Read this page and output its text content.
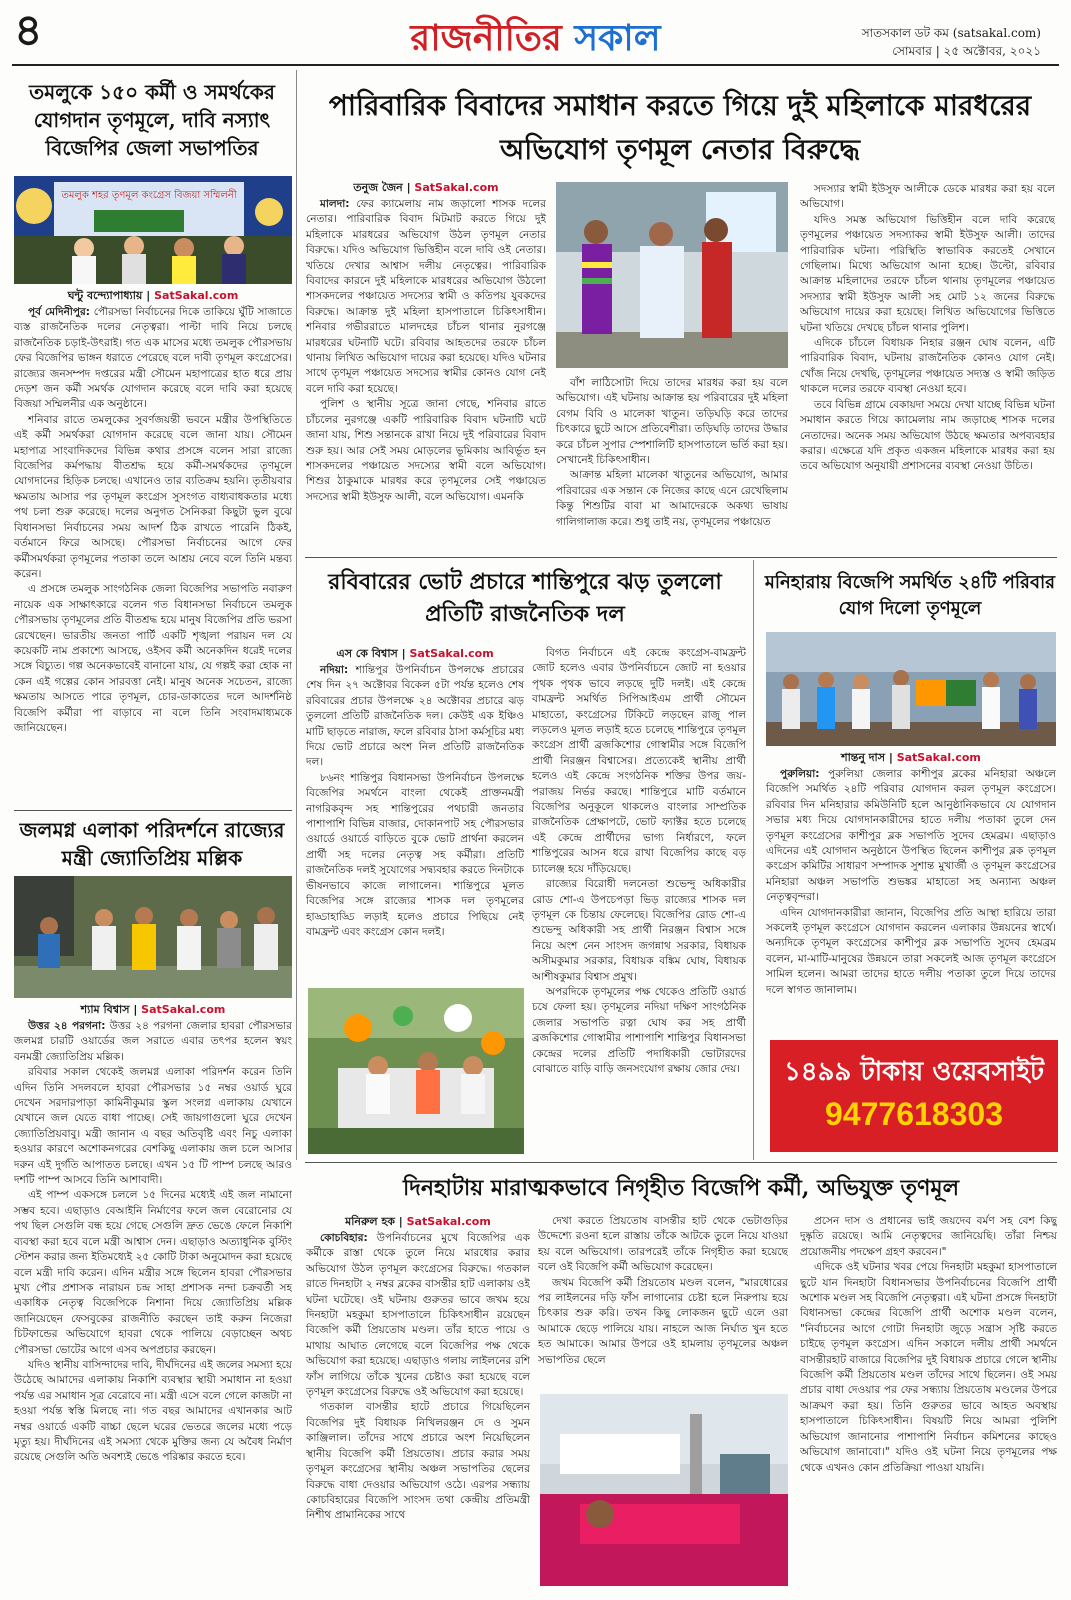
৪	রাজনীতির সকাল	সাতসকাল ডট কম (satsakal.com)
সোমবার | ২৫ অক্টোবর, ২০২১
তমলুকে ১৫০ কর্মী ও সমর্থকের যোগদান তৃণমূলে, দাবি নস্যাৎ বিজেপির জেলা সভাপতির
তমলুক শহর তৃণমূল কংগ্রেস বিজয়া সম্মিলনী
ঘন্টু বন্দ্যোপাধ্যায় | SatSakal.com

পূর্ব মেদিনীপুর: পৌরসভা নির্বাচনের দিকে তাকিয়ে ঘুঁটি সাজাতে ব্যস্ত রাজনৈতিক দলের নেতৃত্বরা। পাল্টা দাবি নিয়ে চলছে রাজনৈতিক চড়াই-উৎরাই। গত এক মাসের মধ্যে তমলুক পৌরসভায় ফের বিজেপির ভাঙ্গন ধরাতে পেরেছে বলে দাবী তৃণমূল কংগ্রেসের। রাজ্যের জনসম্পদ দপ্তরের মন্ত্রী সৌমেন মহাপাত্রের হাত ধরে প্রায় দেড়শ জন কর্মী সমর্থক যোগদান করেছে বলে দাবি করা হয়েছে বিজয়া সম্মিলনীর এক অনুষ্ঠানে।

শনিবার রাতে তমলুকের সুবর্ণজয়ন্তী ভবনে মন্ত্রীর উপস্থিতিতে এই কর্মী সমর্থকরা যোগদান করেছে বলে জানা যায়। সৌমেন মহাপাত্র সাংবাদিকদের বিভিন্ন কথার প্রসঙ্গে বলেন সারা রাজ্যে বিজেপির কর্মপদ্ধায় বীতশ্রদ্ধ হয়ে কর্মী-সমর্থকদের তৃণমূলে যোগদানের হিড়িক চলছে। এখানেও তার ব্যতিক্রম হয়নি। তৃতীয়বার ক্ষমতায় আসার পর তৃণমূল কংগ্রেস সুসংগত বাধ্যবাধকতার মধ্যে পথ চলা শুরু করেছে। দলের অনুগত সৈনিকরা কিছুটা ভুল বুঝে বিধানসভা নির্বাচনের সময় আদর্শ ঠিক রাখতে পারেনি ঠিকই, বর্তমানে ফিরে আসছে। পৌরসভা নির্বাচনের আগে ফের কর্মীসমর্থকরা তৃণমূলের পতাকা তলে আশ্রয় নেবে বলে তিনি মন্তব্য করেন।

এ প্রসঙ্গে তমলুক সাংগঠনিক জেলা বিজেপির সভাপতি নবারুণ নায়েক এক সাক্ষাৎকারে বলেন গত বিধানসভা নির্বাচনে তমলুক পৌরসভায় তৃণমূলের প্রতি বীতশ্রদ্ধ হয়ে মানুষ বিজেপির প্রতি ভরসা রেখেছেন। ভারতীয় জনতা পার্টি একটি শৃঙ্খলা পরায়ন দল যে কয়েকটি নাম প্রকাশ্যে আসছে, ওইসব কর্মী অনেকদিন ধরেই দলের সঙ্গে বিচ্যুত। গল্প অনেকভাবেই বানানো যায়, যে গল্পই করা হোক না কেন এই গল্পের কোন সারবত্তা নেই। মানুষ অনেক সচেতন, রাজ্যে ক্ষমতায় আসতে পারে তৃণমূল, চোর-ডাকাতের দলে আদর্শনিষ্ঠ বিজেপি কর্মীরা পা বাড়াবে না বলে তিনি সংবাদমাধ্যমকে জানিয়েছেন।

জলমগ্ন এলাকা পরিদর্শনে রাজ্যের মন্ত্রী জ্যোতিপ্রিয় মল্লিক
শ্যাম বিশ্বাস | SatSakal.com

উত্তর ২৪ পরগনা: উত্তর ২৪ পরগনা জেলার হাবরা পৌরসভার জলমগ্ন চারটি ওয়ার্ডের জল সরাতে এবার তৎপর হলেন স্বয়ং বনমন্ত্রী জ্যোতিপ্রিয় মল্লিক।

রবিবার সকাল থেকেই জলমগ্ন এলাকা পরিদর্শন করেন তিনি এদিন তিনি সদলবলে হাবরা পৌরসভার ১৫ নম্বর ওয়ার্ড ঘুরে দেখেন সরদারপাড়া কামিনীকুমার স্কুল সংলগ্ন এলাকায় যেখানে যেখানে জল যেতে বাধা পাচ্ছে। সেই জায়গাগুলো ঘুরে দেখেন জ্যোতিপ্রিয়বাবু। মন্ত্রী জানান এ বছর অতিবৃষ্টি এবং নিচু এলাকা হওয়ার কারণে অশোকনগরের বেশকিছু এলাকায় জল চলে আসার দরুন এই দুর্গতি আপাতত চলছে। এখন ১৫ টি পাম্প চলছে আরও দশটি পাম্প আসবে তিনি আশাবাদী।

এই পাম্প একসঙ্গে চললে ১৫ দিনের মধ্যেই এই জল নামানো সম্ভব হবে। এছাড়াও বেআইনি নির্মাণের ফলে জল বেরোনোর যে পথ ছিল সেগুলি বন্ধ হয়ে গেছে সেগুলি দ্রুত ভেঙে ফেলে নিকাশি ব্যবস্থা করা হবে বলে মন্ত্রী আশ্বাস দেন। এছাড়াও অত্যাধুনিক বুস্টিং স্টেশন করার জন্য ইতিমধ্যেই ২৫ কোটি টাকা অনুমোদন করা হয়েছে বলে মন্ত্রী দাবি করেন। এদিন মন্ত্রীর সঙ্গে ছিলেন হাবরা পৌরসভার মুখ্য পৌর প্রশাসক নারায়ন চন্দ্র সাহা প্রশাসক নন্দা চক্রবর্তী সহ একাধিক নেতৃত্ব বিজেপিকে নিশানা দিয়ে জ্যোতিপ্রিয় মল্লিক জানিয়েছেন ফেসবুকের রাজনীতি করছেন তাই করুন নিজেরা চিটফান্ডের অভিযোগে হাবরা থেকে পালিয়ে বেড়াচ্ছেন অথচ পৌরসভা ভোটের আগে এসব অপপ্রচার করছেন।

যদিও স্থানীয় বাসিন্দাদের দাবি, দীর্ঘদিনের এই জলের সমস্যা হয়ে উঠেছে আমাদের এলাকায় নিকাশি ব্যবস্থার স্থায়ী সমাধান না হওয়া পর্যন্ত এর সমাধান সূত্র বেরোবে না। মন্ত্রী এসে বলে গেলে কাজটা না হওয়া পর্যন্ত স্বস্তি মিলছে না। গত বছর আমাদের এখানকার আট নম্বর ওয়ার্ডে একটি বাচ্চা ছেলে ঘরের ভেতরে জলের মধ্যে পড়ে মৃত্যু হয়। দীর্ঘদিনের এই সমস্যা থেকে মুক্তির জন্য যে অবৈধ নির্মাণ রয়েছে সেগুলি অতি অবশ্যই ভেঙে পরিষ্কার করতে হবে।

পারিবারিক বিবাদের সমাধান করতে গিয়ে দুই মহিলাকে মারধরের অভিযোগ তৃণমূল নেতার বিরুদ্ধে
তনুজ জৈন | SatSakal.com

মালদা: ফের ক্যামেলায় নাম জড়ালো শাসক দলের নেতার। পারিবারিক বিবাদ মিটমাট করতে গিয়ে দুই মহিলাকে মারধরের অভিযোগ উঠল তৃণমূল নেতার বিরুদ্ধে। যদিও অভিযোগ ভিত্তিহীন বলে দাবি ওই নেতার। খতিয়ে দেখার আশ্বাস দলীয় নেতৃত্বের। পারিবারিক বিবাদের কারনে দুই মহিলাকে মারধরের অভিযোগ উঠলো শাসকদলের পঞ্চায়েত সদস্যের স্বামী ও কতিপয় যুবকদের বিরুদ্ধে। আক্রান্ত দুই মহিলা হাসপাতালে চিকিৎসাধীন। শনিবার গভীররাতে মালদহের চাঁচল থানার নুরগঞ্জে মারধরের ঘটনাটি ঘটে। রবিবার আহতদের তরফে চাঁচল থানায় লিখিত অভিযোগ দায়ের করা হয়েছে। যদিও ঘটনার সাথে তৃণমূল পঞ্চায়েত সদস্যের স্বামীর কোনও যোগ নেই বলে দাবি করা হয়েছে।

পুলিশ ও স্থানীয় সূত্রে জানা গেছে, শনিবার রাতে চাঁচলের নুরগঞ্জে একটি পারিবারিক বিবাদ ঘটনাটি ঘটে জানা যায়, শিশু সন্তানকে রাখা নিয়ে দুই পরিবারের বিবাদ শুরু হয়। আর সেই সময় মোড়লের ভূমিকায় আবির্ভূত হন শাসকদলের পঞ্চায়েত সদস্যের স্বামী বলে অভিযোগ। শিশুর ঠাকুমাকে মারধর করে তৃণমূলের সেই পঞ্চায়েত সদস্যের স্বামী ইউসুফ আলী, বলে অভিযোগ। এমনকি

বাঁশ লাঠিসোটা দিয়ে তাদের মারধর করা হয় বলে অভিযোগ। এই ঘটনায় আক্রান্ত হয় পরিবারের দুই মহিলা বেগম বিবি ও মালেকা খাতুন। তড়িঘড়ি করে তাদের চিৎকারে ছুটে আসে প্রতিবেশীরা। তড়িঘড়ি তাদের উদ্ধার করে চাঁচল সুপার স্পেশালিটি হাসপাতালে ভর্তি করা হয়। সেখানেই চিকিৎসাধীন।

আক্রান্ত মহিলা মালেকা খাতুনের অভিযোগ, আমার পরিবারের এক সন্তান কে নিজের কাছে এনে রেখেছিলাম কিন্তু শিশুটির বাবা মা আমাদেরকে অকথ্য ভাষায় গালিগালাজ করে। শুধু তাই নয়, তৃণমূলের পঞ্চায়েত

সদস্যার স্বামী ইউসুফ আলীকে ডেকে মারধর করা হয় বলে অভিযোগ।

যদিও সমস্ত অভিযোগ ভিত্তিহীন বলে দাবি করেছে তৃণমূলের পঞ্চায়েত সদস্যাকর স্বামী ইউসুফ আলী। তাদের পারিবারিক ঘটনা। পরিস্থিতি স্বাভাবিক করতেই সেখানে গেছিলাম। মিথ্যে অভিযোগ আনা হচ্ছে। উল্টো, রবিবার আক্রান্ত মহিলাদের তরফে চাঁচল থানায় তৃণমূলের পঞ্চায়েত সদস্যার স্বামী ইউসুফ আলী সহ মোট ১২ জনের বিরুদ্ধে অভিযোগ দায়ের করা হয়েছে। লিখিত অভিযোগের ভিত্তিতে ঘটনা খতিয়ে দেখছে চাঁচল থানার পুলিশ।

এদিকে চাঁচলে বিধায়ক নিহার রঞ্জন ঘোষ বলেন, এটি পারিবারিক বিবাদ, ঘটনায় রাজনৈতিক কোনও যোগ নেই। খোঁজ নিয়ে দেখছি, তৃণমূলের পঞ্চায়েত সদ্যস্ত ও স্বামী জড়িত থাকলে দলের তরফে ব্যবস্থা নেওয়া হবে।

তবে বিভিন্ন গ্রামে বেকায়দা সময়ে দেখা যাচ্ছে বিভিন্ন ঘটনা সমাধান করতে গিয়ে ক্যামেলায় নাম জড়াচ্ছে শাসক দলের নেতাদের। অনেক সময় অভিযোগ উঠছে ক্ষমতার অপব্যবহার করার। এক্ষেত্রে যদি প্রকৃত একজন মহিলাকে মারধর করা হয় তবে অভিযোগ অনুযায়ী প্রশাসনের ব্যবস্থা নেওয়া উচিত।

রবিবারের ভোট প্রচারে শান্তিপুরে ঝড় তুললো প্রতিটি রাজনৈতিক দল
এস কে বিশ্বাস | SatSakal.com

নদিয়া: শান্তিপুর উপনির্বাচন উপলক্ষে প্রচারের শেষ দিন ২৭ অক্টোবর বিকেল ৫টা পর্যন্ত হলেও শেষ রবিবারের প্রচার উপলক্ষে ২৪ অক্টোবর প্রচারে ঝড় তুললো প্রতিটি রাজনৈতিক দল। কেউই এক ইঞ্চিও মাটি ছাড়তে নারাজ, ফলে রবিবার ঠাসা কর্মসূচির মধ্য দিয়ে ভোট প্রচারে অংশ নিল প্রতিটি রাজনৈতিক দল।

৮৬নং শান্তিপুর বিধানসভা উপনির্বাচন উপলক্ষে বিজেপির সমর্থনে বাংলা থেকেই প্রাক্তনমন্ত্রী নাগরিকবৃন্দ সহ শান্তিপুরের পথচারী জনতার পাশাপাশি বিভিন্ন বাজার, দোকানপাট সহ পৌরসভার ওয়ার্ডে ওয়ার্ডে বাড়িতে বুকে ভোট প্রার্থনা করলেন প্রার্থী সহ দলের নেতৃত্ব সহ কর্মীরা। প্রতিটি রাজনৈতিক দলই সুযোগের সদ্ব্যবহার করতে দিনটাকে ভীষনভাবে কাজে লাগালেন। শান্তিপুরে মূলত বিজেপির সঙ্গে রাজ্যের শাসক দল তৃণমূলের হাড্ডাহাড্ডি লড়াই হলেও প্রচারে পিছিয়ে নেই বামফ্রন্ট এবং কংগ্রেস কোন দলই।

বিগত নির্বাচনে এই কেন্দ্রে কংগ্রেস-বামফ্রন্ট জোট হলেও এবার উপনির্বাচনে জোট না হওয়ার পৃথক পৃথক ভাবে লড়ছে দুটি দলই। এই কেন্দ্রে বামফ্রন্ট সমর্থিত সিপিআইএম প্রার্থী সৌমেন মাহাতো, কংগ্রেসের টিকিটে লড়ছেন রাজু পাল লড়লেও মূলত লড়াই হতে চলেছে শান্তিপুরে তৃণমূল কংগ্রেস প্রার্থী ব্রজকিশোর গোস্বামীর সঙ্গে বিজেপি প্রার্থী নিরঞ্জন বিশ্বাসের। প্রত্যেকেই স্থানীয় প্রার্থী হলেও এই কেন্দ্রে সংগঠনিক শক্তির উপর জয়-পরাজয় নির্ভর করছে। শান্তিপুরে মাটি বর্তমানে বিজেপির অনুকূলে থাকলেও বাংলার সাম্প্রতিক রাজনৈতিক প্রেক্ষাপটে, ভোট ফ্যাক্টর হতে চলেছে এই কেন্দ্রে প্রার্থীদের ভাগ্য নির্ধারণে, ফলে শান্তিপুরের আসন ধরে রাখা বিজেপির কাছে বড় চ্যালেঞ্জ হয়ে দাঁড়িয়েছে।

রাজ্যের বিরোধী দলনেতা শুভেন্দু অধিকারীর রোড শো-এ উপচেপড়া ভিড় রাজ্যের শাসক দল তৃণমূল কে চিন্তায় ফেলেছে। বিজেপির রোড শো-এ শুভেন্দু অধিকারী সহ প্রার্থী নিরঞ্জন বিশ্বাস সঙ্গে নিয়ে অংশ নেন সাংসদ জগন্নাথ সরকার, বিধায়ক অসীমকুমার সরকার, বিধায়ক বঙ্কিম ঘোষ, বিধায়ক আশীষকুমার বিশ্বাস প্রমুখ।

অপরদিকে তৃণমূলের পক্ষ থেকেও প্রতিটি ওয়ার্ড চষে ফেলা হয়। তৃণমূলের নদিয়া দক্ষিণ সাংগঠনিক জেলার সভাপতি রত্না ঘোষ কর সহ প্রার্থী ব্রজকিশোর গোস্বামীর পাশাপাশি শান্তিপুর বিধানসভা কেন্দ্রের দলের প্রতিটি পদাধিকারী ভোটারদের বোঝাতে বাড়ি বাড়ি জনসংযোগ রক্ষায় জোর দেয়।

মনিহারায় বিজেপি সমর্থিত ২৪টি পরিবার যোগ দিলো তৃণমূলে
শান্তনু দাস | SatSakal.com

পুরুলিয়া: পুরুলিয়া জেলার কাশীপুর ব্লকের মনিহারা অঞ্চলে বিজেপি সমর্থিত ২৪টি পরিবার যোগদান করল তৃণমূল কংগ্রেসে। রবিবার দিন মনিহারার কমিউনিটি হলে আনুষ্ঠানিকভাবে যে যোগদান সভার মধ্য দিয়ে যোগদানকারীদের হাতে দলীয় পতাকা তুলে দেন তৃণমূল কংগ্রেসের কাশীপুর ব্লক সভাপতি সুদেব হেমব্রম। এছাড়াও এদিনের এই যোগদান অনুষ্ঠানে উপস্থিত ছিলেন কাশীপুর ব্লক তৃণমূল কংগ্রেস কমিটির সাধারণ সম্পাদক সুশান্ত মুখার্জী ও তৃণমূল কংগ্রেসের মনিহারা অঞ্চল সভাপতি শুভঙ্কর মাহাতো সহ অন্যান্য অঞ্চল নেতৃত্ববৃন্দরা।

এদিন যোগদানকারীরা জানান, বিজেপির প্রতি আস্থা হারিয়ে তারা সকলেই তৃণমূল কংগ্রেসে যোগদান করলেন এলাকার উন্নয়নের স্বার্থে। অন্যদিকে তৃণমূল কংগ্রেসের কাশীপুর ব্লক সভাপতি সুদেব হেমব্রম বলেন, মা-মাটি-মানুষের উন্নয়নে তারা সকলেই আজ তৃণমূল কংগ্রেসে সামিল হলেন। আমরা তাদের হাতে দলীয় পতাকা তুলে দিয়ে তাদের দলে স্বাগত জানালাম।

১৪৯৯ টাকায় ওয়েবসাইট
9477618303
দিনহাটায় মারাত্মকভাবে নিগৃহীত বিজেপি কর্মী, অভিযুক্ত তৃণমূল
মনিরুল হক | SatSakal.com

কোচবিহার: উপনির্বাচনের মুখে বিজেপির এক কর্মীকে রাস্তা থেকে তুলে নিয়ে মারধোর করার অভিযোগ উঠল তৃণমূল কংগ্রেসের বিরুদ্ধে। গতকাল রাতে দিনহাটা ২ নম্বর ব্লকের বাসন্তীর হাট এলাকায় ওই ঘটনা ঘটেছে। ওই ঘটনায় গুরুতর ভাবে জখম হয়ে দিনহাটা মহকুমা হাসপাতালে চিকিৎসাধীন রয়েছেন বিজেপি কর্মী প্রিয়তোষ মণ্ডল। তাঁর হাতে পায়ে ও মাথায় আঘাত লেগেছে বলে বিজেপির পক্ষ থেকে অভিযোগ করা হয়েছে। এছাড়াও গলায় লাইলনের রশি ফাঁস লাগিয়ে তাঁকে খুনের চেষ্টাও করা হয়েছে বলে তৃণমূল কংগ্রেসের বিরুদ্ধে ওই অভিযোগ করা হয়েছে।

গতকাল বাসন্তীর হাটে প্রচারে গিয়েছিলেন বিজেপির দুই বিধায়ক নিখিলরঞ্জন দে ও সুমন কাঞ্জিলাল। তাঁদের সাথে প্রচারে অংশ নিয়েছিলেন স্থানীয় বিজেপি কর্মী প্রিয়তোষ। প্রচার করার সময় তৃণমূল কংগ্রেসের স্থানীয় অঞ্চল সভাপতির ছেলের বিরুদ্ধে বাধা দেওয়ার অভিযোগ ওঠে। এরপর সন্ধ্যায় কোচবিহারের বিজেপি সাংসদ তথা কেন্দ্রীয় প্রতিমন্ত্রী নিশীথ প্রামানিকের সাথে

দেখা করতে প্রিয়তোষ বাসন্তীর হাট থেকে ভেটাগুড়ির উদ্দেশ্যে রওনা হলে রাস্তায় তাঁকে আটকে তুলে নিয়ে যাওয়া হয় বলে অভিযোগ। তারপরেই তাঁকে নিগৃহীত করা হয়েছে বলে ওই বিজেপি কর্মী অভিযোগ করেছেন।

জখম বিজেপি কর্মী প্রিয়তোষ মণ্ডল বলেন, "মারধোরের পর লাইলনের দড়ি ফাঁস লাগানোর চেষ্টা হলে নিরুপায় হয়ে চিৎকার শুরু করি। তখন কিছু লোকজন ছুটে এলে ওরা আমাকে ছেড়ে পালিয়ে যায়। নাহলে আজ নির্ঘাত খুন হতে হত আমাকে। আমার উপরে ওই হামলায় তৃণমূলের অঞ্চল সভাপতির ছেলে

প্রসেন দাস ও প্রধানের ভাই জয়দেব বর্মণ সহ বেশ কিছু দুষ্কৃতি রয়েছে। আমি নেতৃত্বদের জানিয়েছি। তাঁরা নিশ্চয় প্রয়োজনীয় পদক্ষেপ গ্রহণ করবেন।"

এদিকে ওই ঘটনার খবর পেয়ে দিনহাটা মহকুমা হাসপাতালে ছুটে যান দিনহাটা বিধানসভার উপনির্বাচনের বিজেপি প্রার্থী অশোক মণ্ডল সহ বিজেপি নেতৃত্বরা। এই ঘটনা প্রসঙ্গে দিনহাটা বিধানসভা কেন্দ্রের বিজেপি প্রার্থী অশোক মণ্ডল বলেন, "নির্বাচনের আগে গোটা দিনহাটা জুড়ে সন্ত্রাস সৃষ্টি করতে চাইছে তৃণমূল কংগ্রেস। এদিন সকালে দলীয় প্রার্থী সমর্থনে বাসন্তীরহাট বাজারে বিজেপির দুই বিধায়ক প্রচারে গেলে স্থানীয় বিজেপি কর্মী প্রিয়তোষ মণ্ডল তাঁদের সাথে ছিলেন। ওই সময় প্রচার বাধা দেওয়ার পর ফের সন্ধ্যায় প্রিয়তোষ মণ্ডলের উপরে আক্রমণ করা হয়। তিনি গুরুতর ভাবে আহত অবস্থায় হাসপাতালে চিকিৎসাধীন। বিষয়টি নিয়ে আমরা পুলিশি অভিযোগ জানানোর পাশাপাশি নির্বাচন কমিশনের কাছেও অভিযোগ জানাবো।" যদিও ওই ঘটনা নিয়ে তৃণমূলের পক্ষ থেকে এখনও কোন প্রতিক্রিয়া পাওয়া যায়নি।
